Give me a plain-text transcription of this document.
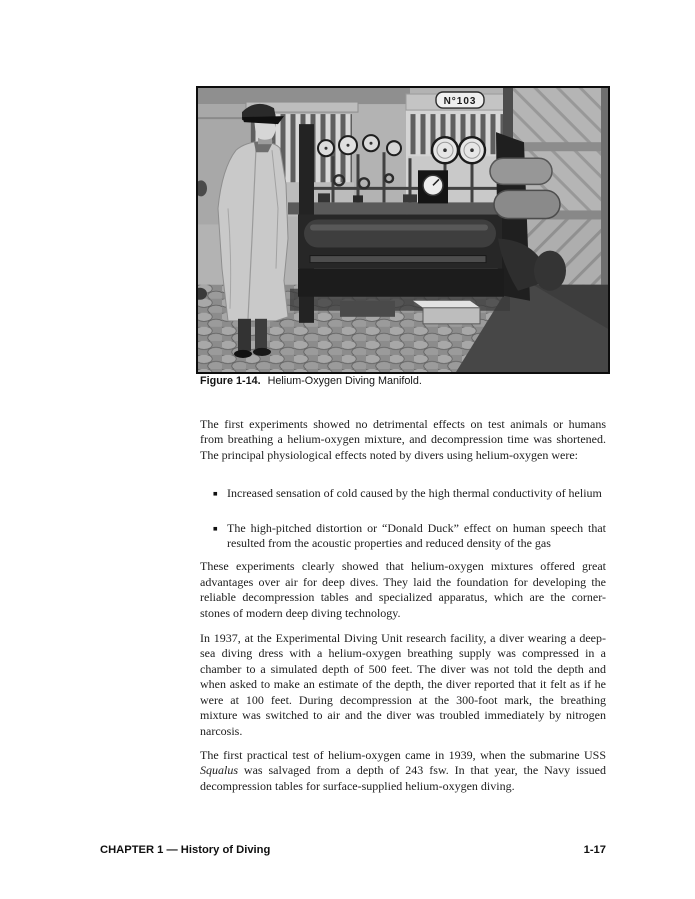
N°103
Figure 1-14. Helium-Oxygen Diving Manifold.
The first experiments showed no detrimental effects on test animals or humans
from breathing a helium-oxygen mixture, and decompression time was shortened.
The principal physiological effects noted by divers using helium-oxygen were:
■ Increased sensation of cold caused by the high thermal conductivity of helium
■ The high-pitched distortion or “Donald Duck” effect on human speech that
resulted from the acoustic properties and reduced density of the gas
These experiments clearly showed that helium-oxygen mixtures offered great
advantages over air for deep dives. They laid the foundation for developing the
reliable decompression tables and specialized apparatus, which are the corner-
stones of modern deep diving technology.
In 1937, at the Experimental Diving Unit research facility, a diver wearing a deep-
sea diving dress with a helium-oxygen breathing supply was compressed in a
chamber to a simulated depth of 500 feet. The diver was not told the depth and
when asked to make an estimate of the depth, the diver reported that it felt as if he
were at 100 feet. During decompression at the 300-foot mark, the breathing
mixture was switched to air and the diver was troubled immediately by nitrogen
narcosis.
The first practical test of helium-oxygen came in 1939, when the submarine USS
Squalus was salvaged from a depth of 243 fsw. In that year, the Navy issued
decompression tables for surface-supplied helium-oxygen diving.
CHAPTER 1 — History of Diving	1-17
